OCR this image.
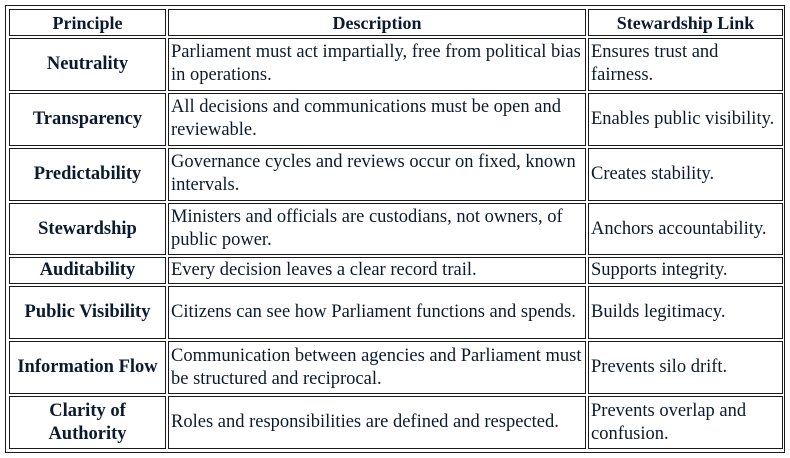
Principle	Description	Stewardship Link
Neutrality	Parliament must act impartially, free from political bias in operations.	Ensures trust and fairness.
Transparency	All decisions and communications must be open and reviewable.	Enables public visibility.
Predictability	Governance cycles and reviews occur on fixed, known intervals.	Creates stability.
Stewardship	Ministers and officials are custodians, not owners, of public power.	Anchors accountability.
Auditability	Every decision leaves a clear record trail.	Supports integrity.
Public Visibility	Citizens can see how Parliament functions and spends.	Builds legitimacy.
Information Flow	Communication between agencies and Parliament must be structured and reciprocal.	Prevents silo drift.
Clarity of Authority	Roles and responsibilities are defined and respected.	Prevents overlap and confusion.
